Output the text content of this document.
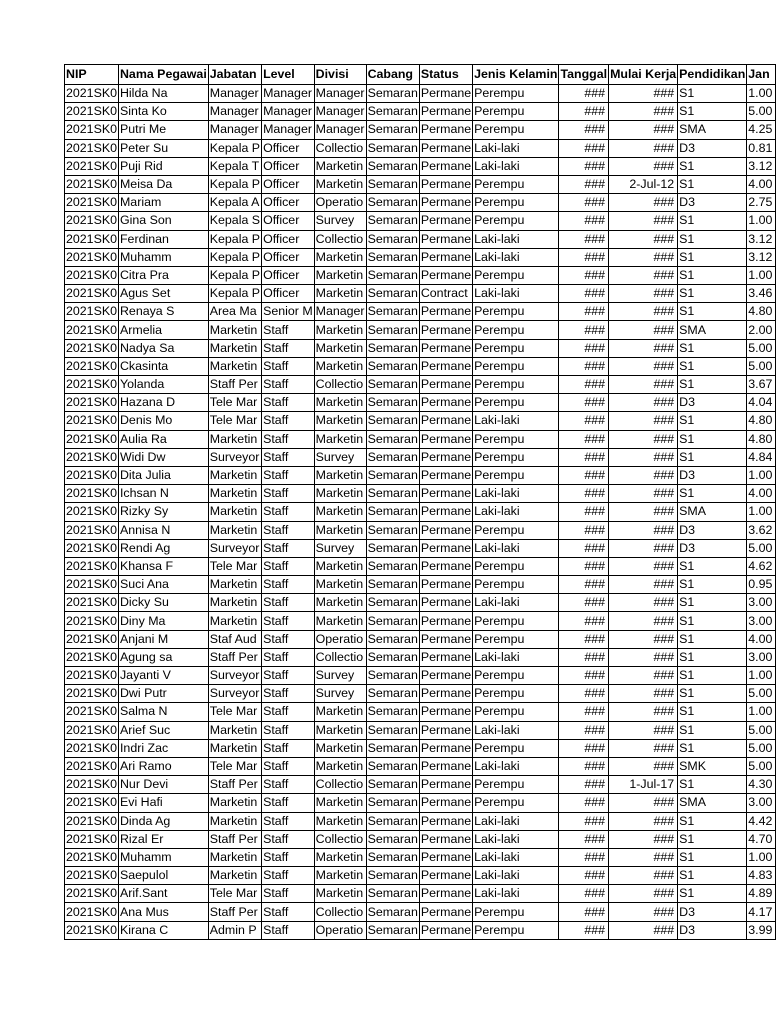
NIP	Nama Pegawai	Jabatan	Level	Divisi	Cabang	Status	Jenis Kelamin	Tanggal	Mulai Kerja	Pendidikan	Jan
2021SK0	Hilda Na	Manager	Manager	Manager	Semaran	Permane	Perempu	###	###	S1	1.00
2021SK0	Sinta Ko	Manager	Manager	Manager	Semaran	Permane	Perempu	###	###	S1	5.00
2021SK0	Putri Me	Manager	Manager	Manager	Semaran	Permane	Perempu	###	###	SMA	4.25
2021SK0	Peter Su	Kepala P	Officer	Collectio	Semaran	Permane	Laki-laki	###	###	D3	0.81
2021SK0	Puji Rid	Kepala T	Officer	Marketin	Semaran	Permane	Laki-laki	###	###	S1	3.12
2021SK0	Meisa Da	Kepala P	Officer	Marketin	Semaran	Permane	Perempu	###	2-Jul-12	S1	4.00
2021SK0	Mariam	Kepala A	Officer	Operatio	Semaran	Permane	Perempu	###	###	D3	2.75
2021SK0	Gina Son	Kepala S	Officer	Survey	Semaran	Permane	Perempu	###	###	S1	1.00
2021SK0	Ferdinan	Kepala P	Officer	Collectio	Semaran	Permane	Laki-laki	###	###	S1	3.12
2021SK0	Muhamm	Kepala P	Officer	Marketin	Semaran	Permane	Laki-laki	###	###	S1	3.12
2021SK0	Citra Pra	Kepala P	Officer	Marketin	Semaran	Permane	Perempu	###	###	S1	1.00
2021SK0	Agus Set	Kepala P	Officer	Marketin	Semaran	Contract	Laki-laki	###	###	S1	3.46
2021SK0	Renaya S	Area Ma	Senior M	Manager	Semaran	Permane	Perempu	###	###	S1	4.80
2021SK0	Armelia	Marketin	Staff	Marketin	Semaran	Permane	Perempu	###	###	SMA	2.00
2021SK0	Nadya Sa	Marketin	Staff	Marketin	Semaran	Permane	Perempu	###	###	S1	5.00
2021SK0	Ckasinta	Marketin	Staff	Marketin	Semaran	Permane	Perempu	###	###	S1	5.00
2021SK0	Yolanda	Staff Per	Staff	Collectio	Semaran	Permane	Perempu	###	###	S1	3.67
2021SK0	Hazana D	Tele Mar	Staff	Marketin	Semaran	Permane	Perempu	###	###	D3	4.04
2021SK0	Denis Mo	Tele Mar	Staff	Marketin	Semaran	Permane	Laki-laki	###	###	S1	4.80
2021SK0	Aulia Ra	Marketin	Staff	Marketin	Semaran	Permane	Perempu	###	###	S1	4.80
2021SK0	Widi Dw	Surveyor	Staff	Survey	Semaran	Permane	Perempu	###	###	S1	4.84
2021SK0	Dita Julia	Marketin	Staff	Marketin	Semaran	Permane	Perempu	###	###	D3	1.00
2021SK0	Ichsan N	Marketin	Staff	Marketin	Semaran	Permane	Laki-laki	###	###	S1	4.00
2021SK0	Rizky Sy	Marketin	Staff	Marketin	Semaran	Permane	Laki-laki	###	###	SMA	1.00
2021SK0	Annisa N	Marketin	Staff	Marketin	Semaran	Permane	Perempu	###	###	D3	3.62
2021SK0	Rendi Ag	Surveyor	Staff	Survey	Semaran	Permane	Laki-laki	###	###	D3	5.00
2021SK0	Khansa F	Tele Mar	Staff	Marketin	Semaran	Permane	Perempu	###	###	S1	4.62
2021SK0	Suci Ana	Marketin	Staff	Marketin	Semaran	Permane	Perempu	###	###	S1	0.95
2021SK0	Dicky Su	Marketin	Staff	Marketin	Semaran	Permane	Laki-laki	###	###	S1	3.00
2021SK0	Diny Ma	Marketin	Staff	Marketin	Semaran	Permane	Perempu	###	###	S1	3.00
2021SK0	Anjani M	Staf Aud	Staff	Operatio	Semaran	Permane	Perempu	###	###	S1	4.00
2021SK0	Agung sa	Staff Per	Staff	Collectio	Semaran	Permane	Laki-laki	###	###	S1	3.00
2021SK0	Jayanti V	Surveyor	Staff	Survey	Semaran	Permane	Perempu	###	###	S1	1.00
2021SK0	Dwi Putr	Surveyor	Staff	Survey	Semaran	Permane	Perempu	###	###	S1	5.00
2021SK0	Salma N	Tele Mar	Staff	Marketin	Semaran	Permane	Perempu	###	###	S1	1.00
2021SK0	Arief Suc	Marketin	Staff	Marketin	Semaran	Permane	Laki-laki	###	###	S1	5.00
2021SK0	Indri Zac	Marketin	Staff	Marketin	Semaran	Permane	Perempu	###	###	S1	5.00
2021SK0	Ari Ramo	Tele Mar	Staff	Marketin	Semaran	Permane	Laki-laki	###	###	SMK	5.00
2021SK0	Nur Devi	Staff Per	Staff	Collectio	Semaran	Permane	Perempu	###	1-Jul-17	S1	4.30
2021SK0	Evi Hafi	Marketin	Staff	Marketin	Semaran	Permane	Perempu	###	###	SMA	3.00
2021SK0	Dinda Ag	Marketin	Staff	Marketin	Semaran	Permane	Laki-laki	###	###	S1	4.42
2021SK0	Rizal Er	Staff Per	Staff	Collectio	Semaran	Permane	Laki-laki	###	###	S1	4.70
2021SK0	Muhamm	Marketin	Staff	Marketin	Semaran	Permane	Laki-laki	###	###	S1	1.00
2021SK0	Saepulol	Marketin	Staff	Marketin	Semaran	Permane	Laki-laki	###	###	S1	4.83
2021SK0	Arif.Sant	Tele Mar	Staff	Marketin	Semaran	Permane	Laki-laki	###	###	S1	4.89
2021SK0	Ana Mus	Staff Per	Staff	Collectio	Semaran	Permane	Perempu	###	###	D3	4.17
2021SK0	Kirana C	Admin P	Staff	Operatio	Semaran	Permane	Perempu	###	###	D3	3.99
